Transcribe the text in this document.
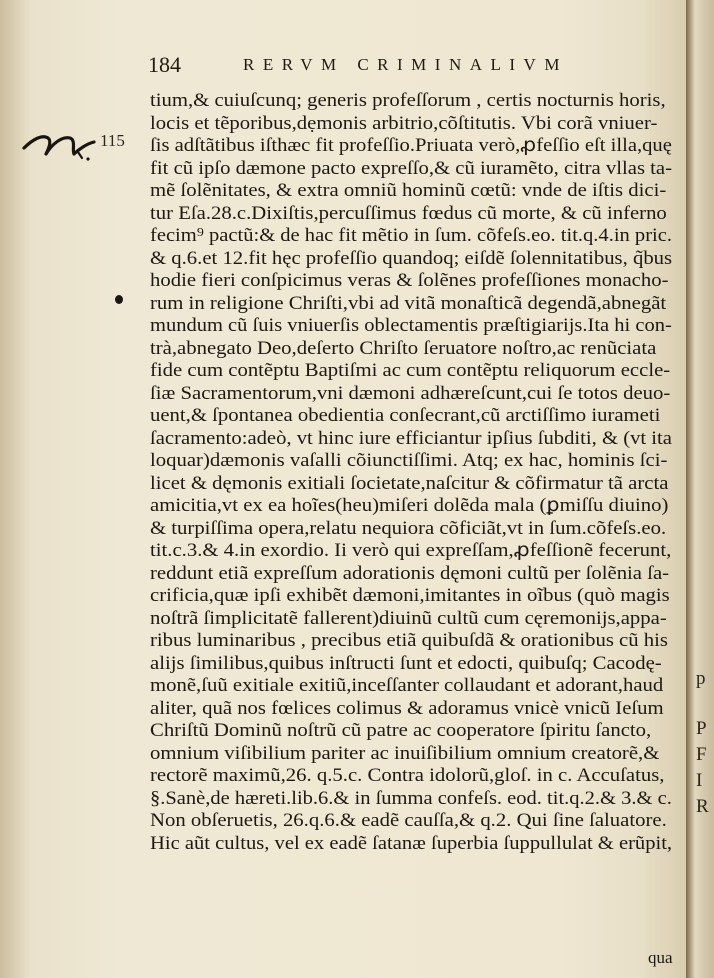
184	RERVM CRIMINALIVM
115
tium,& cuiuſcunq; generis profeſſorum , certis nocturnis horis,
locis et tẽporibus,dẹmonis arbitrio,cõſtitutis. Vbi corã vniuer-
ſis adſtãtibus iſthæc fit profeſſio.Priuata verò,ꝓfeſſio eſt illa,quę
fit cũ ipſo dæmone pacto expreſſo,& cũ iuramẽto, citra vllas ta-
mẽ ſolẽnitates, & extra omniũ hominũ cœtũ: vnde de iſtis dici-
tur Eſa.28.c.Dixiſtis,percuſſimus fœdus cũ morte, & cũ inferno
fecim⁹ pactũ:& de hac fit mẽtio in ſum. cõfeſs.eo. tit.q.4.in pric.
& q.6.et 12.fit hęc profeſſio quandoq; eiſdẽ ſolennitatibus, q̃bus
hodie fieri conſpicimus veras & ſolẽnes profeſſiones monacho-
rum in religione Chriſti,vbi ad vitã monaſticã degendã,abnegãt
mundum cũ ſuis vniuerſis oblectamentis præſtigiarijs.Ita hi con-
trà,abnegato Deo,deſerto Chriſto ſeruatore noſtro,ac renũciata
fide cum contẽptu Baptiſmi ac cum contẽptu reliquorum eccle-
ſiæ Sacramentorum,vni dæmoni adhæreſcunt,cui ſe totos deuo-
uent,& ſpontanea obedientia conſecrant,cũ arctiſſimo iurameti
ſacramento:adeò, vt hinc iure efficiantur ipſius ſubditi, & (vt ita
loquar)dæmonis vaſalli cõiunctiſſimi. Atq; ex hac, hominis ſci-
licet & dęmonis exitiali ſocietate,naſcitur & cõfirmatur tã arcta
amicitia,vt ex ea hoĩes(heu)miſeri dolẽda mala (ꝑmiſſu diuino)
& turpiſſima opera,relatu nequiora cõficiãt,vt in ſum.cõfeſs.eo.
tit.c.3.& 4.in exordio. Ii verò qui expreſſam,ꝓfeſſionẽ fecerunt,
reddunt etiã expreſſum adorationis dęmoni cultũ per ſolẽnia ſa-
crificia,quæ ipſi exhibẽt dæmoni,imitantes in oĩbus (quò magis
noſtrã ſimplicitatẽ fallerent)diuinũ cultũ cum cęremonijs,appa-
ribus luminaribus , precibus etiã quibuſdã & orationibus cũ his
alijs ſimilibus,quibus inſtructi ſunt et edocti, quibuſq; Cacodę-
monẽ,ſuũ exitiale exitiũ,inceſſanter collaudant et adorant,haud
aliter, quã nos fœlices colimus & adoramus vnicè vnicũ Ieſum
Chriſtũ Dominũ noſtrũ cũ patre ac cooperatore ſpiritu ſancto,
omnium viſibilium pariter ac inuiſibilium omnium creatorẽ,&
rectorẽ maximũ,26. q.5.c. Contra idolorũ,gloſ. in c. Accuſatus,
§.Sanè,de hæreti.lib.6.& in ſumma confeſs. eod. tit.q.2.& 3.& c.
Non obſeruetis, 26.q.6.& eadẽ cauſſa,& q.2. Qui ſine ſaluatore.
Hic aũt cultus, vel ex eadẽ ſatanæ ſuperbia ſuppullulat & erũpit,
qua
p
P
F
I
R
